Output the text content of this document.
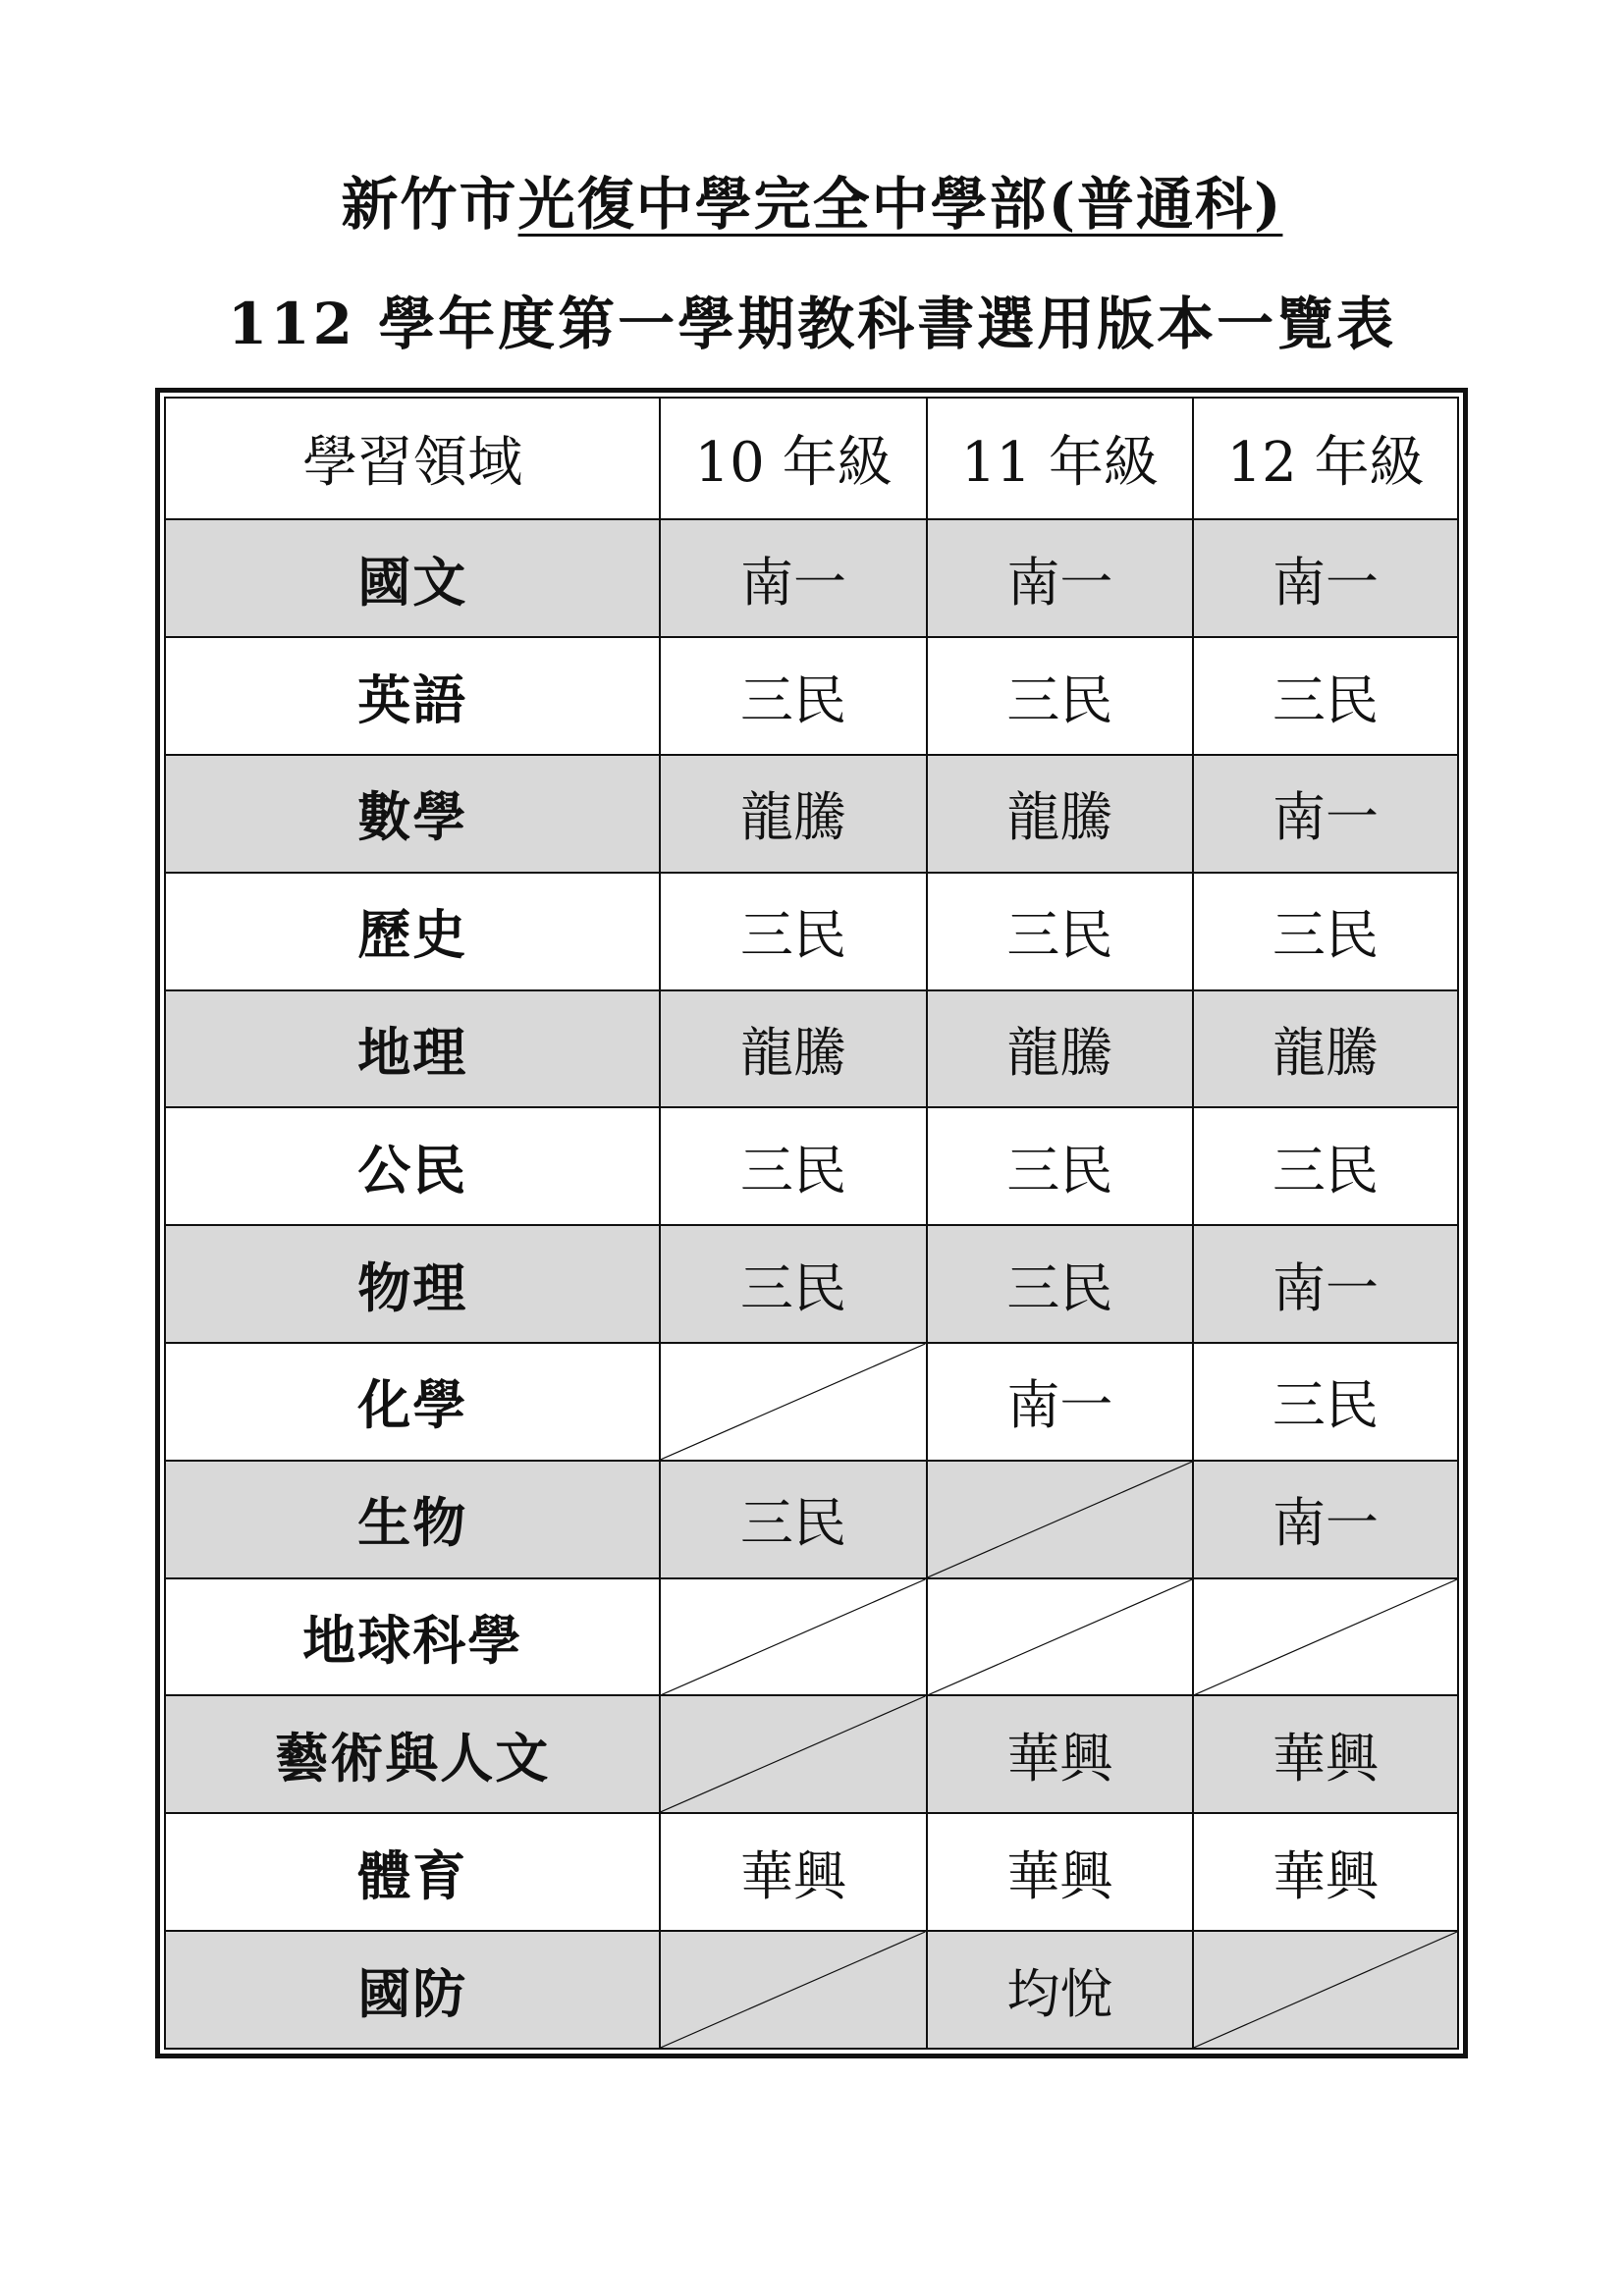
新竹市光復中學完全中學部(普通科)
112 學年度第一學期教科書選用版本一覽表
學習領域	10 年級	11 年級	12 年級
國文	南一	南一	南一
英語	三民	三民	三民
數學	龍騰	龍騰	南一
歷史	三民	三民	三民
地理	龍騰	龍騰	龍騰
公民	三民	三民	三民
物理	三民	三民	南一
化學		南一	三民
生物	三民		南一
地球科學	

藝術與人文		華興	華興
體育	華興	華興	華興
國防		均悅	
